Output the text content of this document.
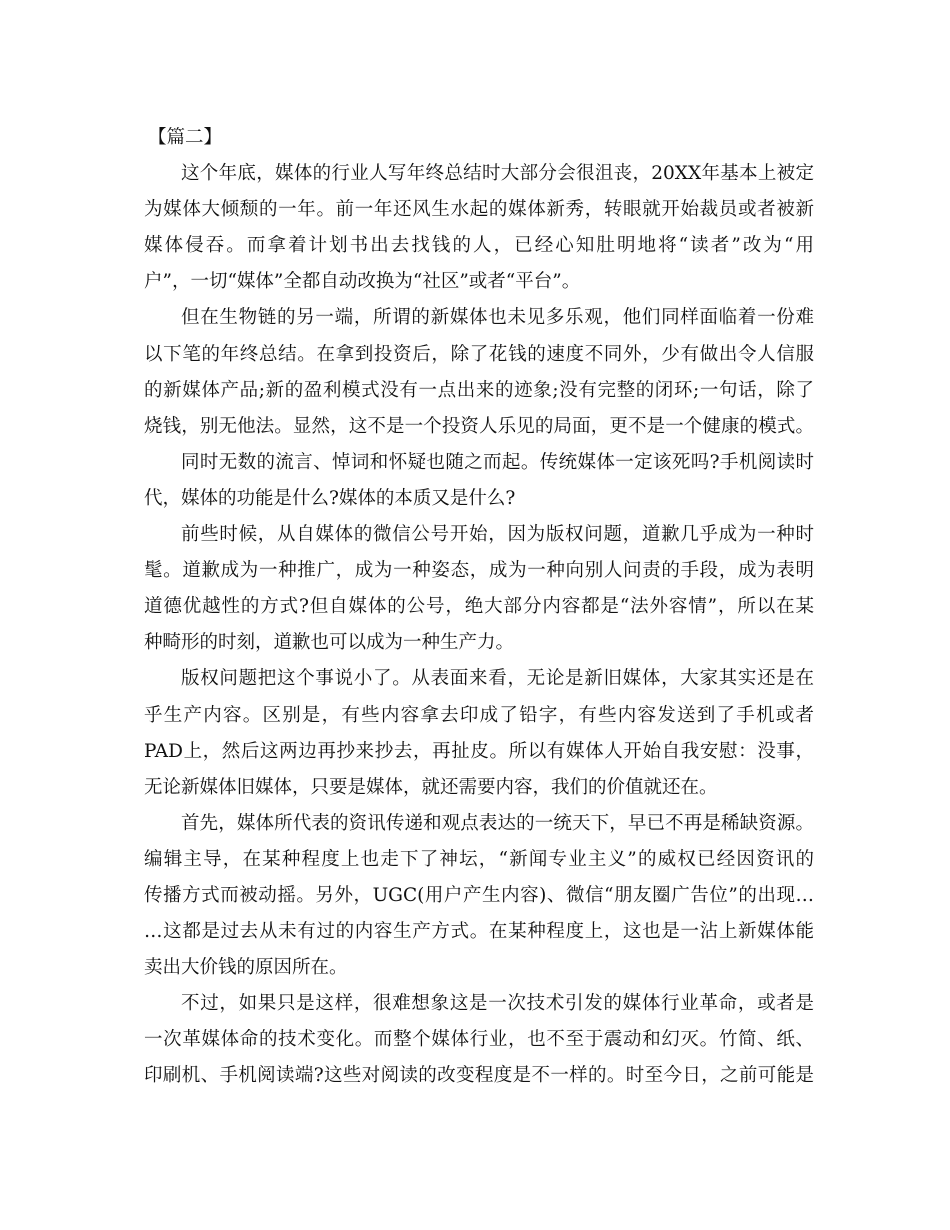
【篇二】
这个年底，媒体的行业人写年终总结时大部分会很沮丧，20XX年基本上被定
为媒体大倾颓的一年。前一年还风生水起的媒体新秀，转眼就开始裁员或者被新
媒体侵吞。而拿着计划书出去找钱的人，已经心知肚明地将“读者”改为“用
户”，一切“媒体”全都自动改换为“社区”或者“平台”。
但在生物链的另一端，所谓的新媒体也未见多乐观，他们同样面临着一份难
以下笔的年终总结。在拿到投资后，除了花钱的速度不同外，少有做出令人信服
的新媒体产品;新的盈利模式没有一点出来的迹象;没有完整的闭环;一句话，除了
烧钱，别无他法。显然，这不是一个投资人乐见的局面，更不是一个健康的模式。
同时无数的流言、悼词和怀疑也随之而起。传统媒体一定该死吗?手机阅读时
代，媒体的功能是什么?媒体的本质又是什么?
前些时候，从自媒体的微信公号开始，因为版权问题，道歉几乎成为一种时
髦。道歉成为一种推广，成为一种姿态，成为一种向别人问责的手段，成为表明
道德优越性的方式?但自媒体的公号，绝大部分内容都是“法外容情”，所以在某
种畸形的时刻，道歉也可以成为一种生产力。
版权问题把这个事说小了。从表面来看，无论是新旧媒体，大家其实还是在
乎生产内容。区别是，有些内容拿去印成了铅字，有些内容发送到了手机或者
PAD上，然后这两边再抄来抄去，再扯皮。所以有媒体人开始自我安慰：没事，
无论新媒体旧媒体，只要是媒体，就还需要内容，我们的价值就还在。
首先，媒体所代表的资讯传递和观点表达的一统天下，早已不再是稀缺资源。
编辑主导，在某种程度上也走下了神坛，“新闻专业主义”的威权已经因资讯的
传播方式而被动摇。另外，UGC(用户产生内容)、微信“朋友圈广告位”的出现…
…这都是过去从未有过的内容生产方式。在某种程度上，这也是一沾上新媒体能
卖出大价钱的原因所在。
不过，如果只是这样，很难想象这是一次技术引发的媒体行业革命，或者是
一次革媒体命的技术变化。而整个媒体行业，也不至于震动和幻灭。竹简、纸、
印刷机、手机阅读端?这些对阅读的改变程度是不一样的。时至今日，之前可能是
